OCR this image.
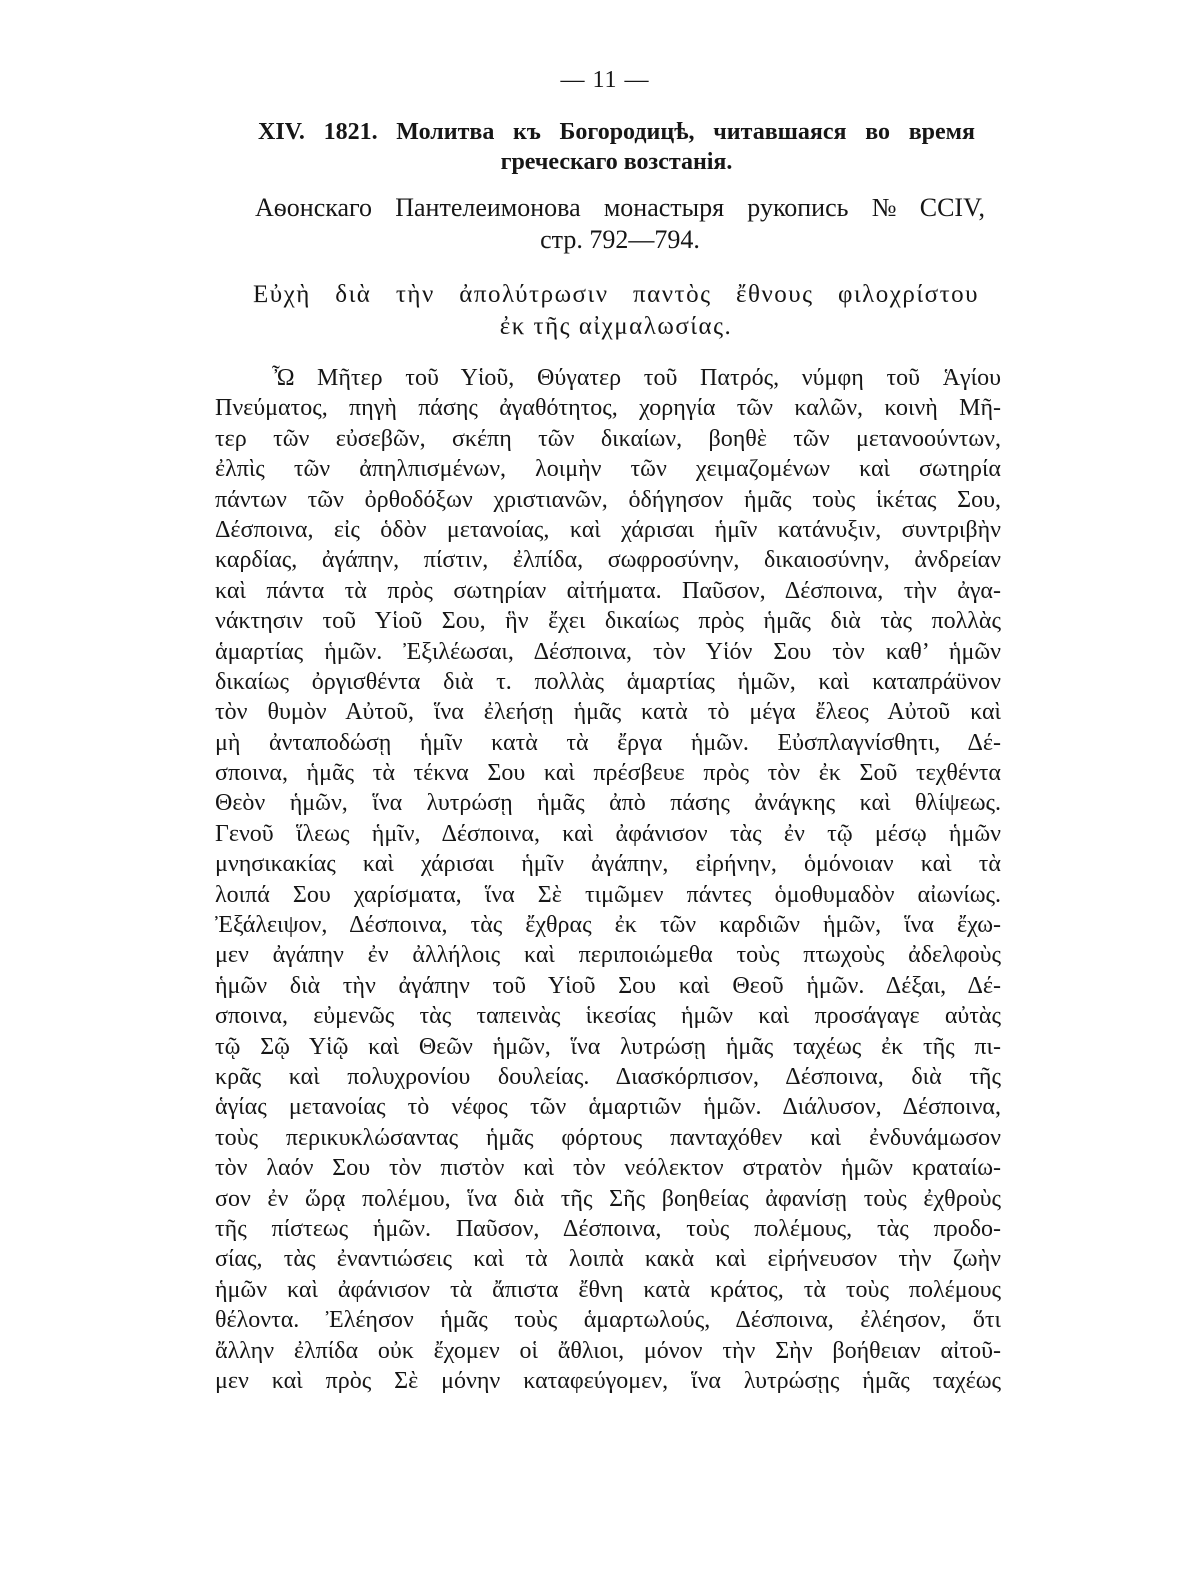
— 11 —
XIV. 1821. Молитва къ Богородицѣ, читавшаяся во время
греческаго возстанія.
Аѳонскаго Пантелеимонова монастыря рукопись № CCIV,
стр. 792—794.
Εὐχὴ διὰ τὴν ἀπολύτρωσιν παντὸς ἔθνους φιλοχρίστου
ἐκ τῆς αἰχμαλωσίας.
Ὦ Μῆτερ τοῦ Υἱοῦ, Θύγατερ τοῦ Πατρός, νύμφη τοῦ Ἁγίου
Πνεύματος, πηγὴ πάσης ἀγαθότητος, χορηγία τῶν καλῶν, κοινὴ Μῆ-
τερ τῶν εὐσεβῶν, σκέπη τῶν δικαίων, βοηθὲ τῶν μετανοούντων,
ἐλπὶς τῶν ἀπηλπισμένων, λοιμὴν τῶν χειμαζομένων καὶ σωτηρία
πάντων τῶν ὀρθοδόξων χριστιανῶν, ὁδήγησον ἡμᾶς τοὺς ἱκέτας Σου,
Δέσποινα, εἰς ὁδὸν μετανοίας, καὶ χάρισαι ἡμῖν κατάνυξιν, συντριβὴν
καρδίας, ἀγάπην, πίστιν, ἐλπίδα, σωφροσύνην, δικαιοσύνην, ἀνδρείαν
καὶ πάντα τὰ πρὸς σωτηρίαν αἰτήματα. Παῦσον, Δέσποινα, τὴν ἀγα-
νάκτησιν τοῦ Υἱοῦ Σου, ἣν ἔχει δικαίως πρὸς ἡμᾶς διὰ τὰς πολλὰς
ἁμαρτίας ἡμῶν. Ἐξιλέωσαι, Δέσποινα, τὸν Υἱόν Σου τὸν καθ’ ἡμῶν
δικαίως ὀργισθέντα διὰ τ. πολλὰς ἁμαρτίας ἡμῶν, καὶ καταπράϋνον
τὸν θυμὸν Αὐτοῦ, ἵνα ἐλεήσῃ ἡμᾶς κατὰ τὸ μέγα ἔλεος Αὐτοῦ καὶ
μὴ ἀνταποδώσῃ ἡμῖν κατὰ τὰ ἔργα ἡμῶν. Εὐσπλαγνίσθητι, Δέ-
σποινα, ἡμᾶς τὰ τέκνα Σου καὶ πρέσβευε πρὸς τὸν ἐκ Σοῦ τεχθέντα
Θεὸν ἡμῶν, ἵνα λυτρώσῃ ἡμᾶς ἀπὸ πάσης ἀνάγκης καὶ θλίψεως.
Γενοῦ ἵλεως ἡμῖν, Δέσποινα, καὶ ἀφάνισον τὰς ἐν τῷ μέσῳ ἡμῶν
μνησικακίας καὶ χάρισαι ἡμῖν ἀγάπην, εἰρήνην, ὁμόνοιαν καὶ τὰ
λοιπά Σου χαρίσματα, ἵνα Σὲ τιμῶμεν πάντες ὁμοθυμαδὸν αἰωνίως.
Ἐξάλειψον, Δέσποινα, τὰς ἔχθρας ἐκ τῶν καρδιῶν ἡμῶν, ἵνα ἔχω-
μεν ἀγάπην ἐν ἀλλήλοις καὶ περιποιώμεθα τοὺς πτωχοὺς ἀδελφοὺς
ἡμῶν διὰ τὴν ἀγάπην τοῦ Υἱοῦ Σου καὶ Θεοῦ ἡμῶν. Δέξαι, Δέ-
σποινα, εὐμενῶς τὰς ταπεινὰς ἱκεσίας ἡμῶν καὶ προσάγαγε αὐτὰς
τῷ Σῷ Υἱῷ καὶ Θεῶν ἡμῶν, ἵνα λυτρώσῃ ἡμᾶς ταχέως ἐκ τῆς πι-
κρᾶς καὶ πολυχρονίου δουλείας. Διασκόρπισον, Δέσποινα, διὰ τῆς
ἁγίας μετανοίας τὸ νέφος τῶν ἁμαρτιῶν ἡμῶν. Διάλυσον, Δέσποινα,
τοὺς περικυκλώσαντας ἡμᾶς φόρτους πανταχόθεν καὶ ἐνδυνάμωσον
τὸν λαόν Σου τὸν πιστὸν καὶ τὸν νεόλεκτον στρατὸν ἡμῶν κραταίω-
σον ἐν ὥρᾳ πολέμου, ἵνα διὰ τῆς Σῆς βοηθείας ἀφανίσῃ τοὺς ἐχθροὺς
τῆς πίστεως ἡμῶν. Παῦσον, Δέσποινα, τοὺς πολέμους, τὰς προδο-
σίας, τὰς ἐναντιώσεις καὶ τὰ λοιπὰ κακὰ καὶ εἰρήνευσον τὴν ζωὴν
ἡμῶν καὶ ἀφάνισον τὰ ἄπιστα ἔθνη κατὰ κράτος, τὰ τοὺς πολέμους
θέλοντα. Ἐλέησον ἡμᾶς τοὺς ἁμαρτωλούς, Δέσποινα, ἐλέησον, ὅτι
ἄλλην ἐλπίδα οὐκ ἔχομεν οἱ ἄθλιοι, μόνον τὴν Σὴν βοήθειαν αἰτοῦ-
μεν καὶ πρὸς Σὲ μόνην καταφεύγομεν, ἵνα λυτρώσῃς ἡμᾶς ταχέως
